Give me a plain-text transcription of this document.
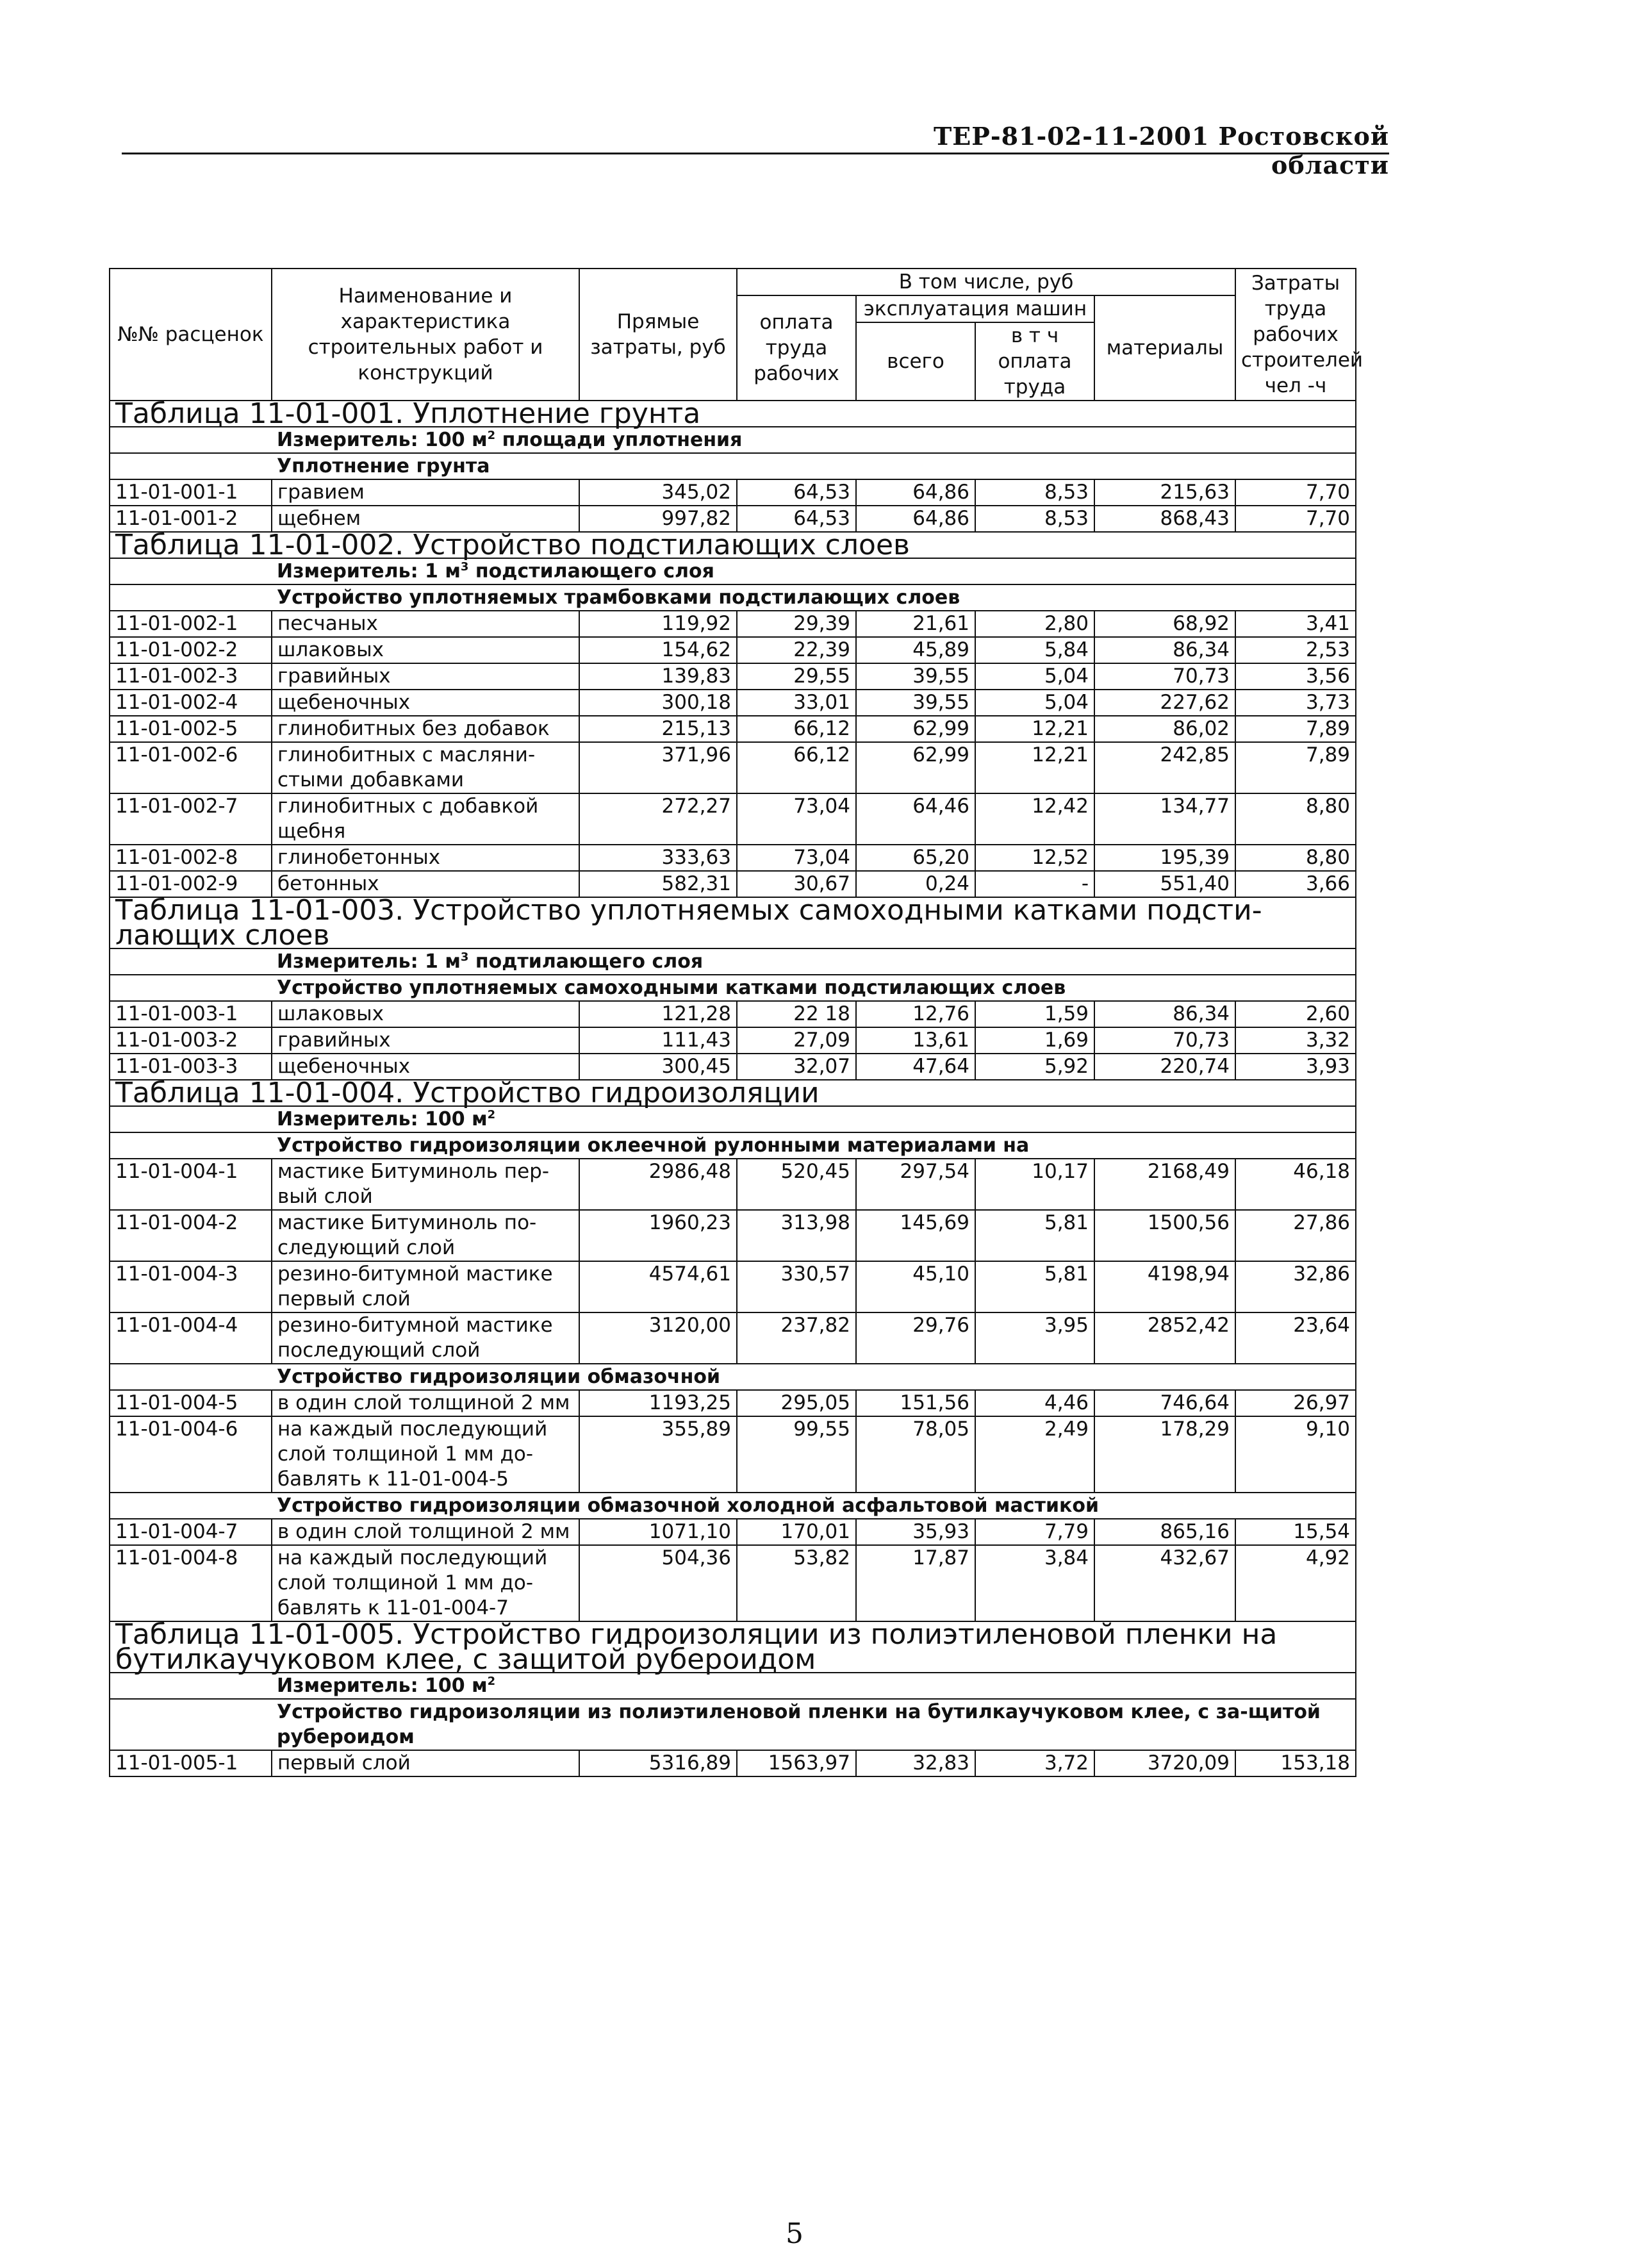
ТЕР-81-02-11-2001 Ростовской области
№№ расценок	Наименование и характеристика строительных работ и конструкций	Прямые затраты, руб	В том числе, руб				Затраты труда рабочих строителей чел -ч
			оплата труда рабочих	эксплуатация машин		материалы	
				всего	в т ч оплата труда		
Таблица 11-01-001. Уплотнение грунта							
	Измеритель: 100 $м^2$ площади уплотнения						
	Уплотнение грунта						
11-01-001-1	гравием	345,02	64,53	64,86	8,53	215,63	7,70
11-01-001-2	щебнем	997,82	64,53	64,86	8,53	868,43	7,70
Таблица 11-01-002. Устройство подстилающих слоев							
	Измеритель: 1 $м^3$ подстилающего слоя						
	Устройство уплотняемых трамбовками подстилающих слоев						
11-01-002-1	песчаных	119,92	29,39	21,61	2,80	68,92	3,41
11-01-002-2	шлаковых	154,62	22,39	45,89	5,84	86,34	2,53
11-01-002-3	гравийных	139,83	29,55	39,55	5,04	70,73	3,56
11-01-002-4	щебеночных	300,18	33,01	39,55	5,04	227,62	3,73
11-01-002-5	глинобитных без добавок	215,13	66,12	62,99	12,21	86,02	7,89
11-01-002-6	глинобитных с масляни-стыми добавками	371,96	66,12	62,99	12,21	242,85	7,89
11-01-002-7	глинобитных с добавкой щебня	272,27	73,04	64,46	12,42	134,77	8,80
11-01-002-8	глинобетонных	333,63	73,04	65,20	12,52	195,39	8,80
11-01-002-9	бетонных	582,31	30,67	0,24	-	551,40	3,66
Таблица 11-01-003. Устройство уплотняемых самоходными катками подсти-лающих слоев							
	Измеритель: 1 $м^3$ подтилающего слоя						
	Устройство уплотняемых самоходными катками подстилающих слоев						
11-01-003-1	шлаковых	121,28	22 18	12,76	1,59	86,34	2,60
11-01-003-2	гравийных	111,43	27,09	13,61	1,69	70,73	3,32
11-01-003-3	щебеночных	300,45	32,07	47,64	5,92	220,74	3,93
Таблица 11-01-004. Устройство гидроизоляции							
	Измеритель: 100 $м^2$
	Устройство гидроизоляции оклеечной рулонными материалами на						
11-01-004-1	мастике Битуминоль пер-вый слой	2986,48	520,45	297,54	10,17	2168,49	46,18
11-01-004-2	мастике Битуминоль по-следующий слой	1960,23	313,98	145,69	5,81	1500,56	27,86
11-01-004-3	резино-битумной мастике первый слой	4574,61	330,57	45,10	5,81	4198,94	32,86
11-01-004-4	резино-битумной мастике последующий слой	3120,00	237,82	29,76	3,95	2852,42	23,64
	Устройство гидроизоляции обмазочной						
11-01-004-5	в один слой толщиной 2 мм	1193,25	295,05	151,56	4,46	746,64	26,97
11-01-004-6	на каждый последующий слой толщиной 1 мм до-бавлять к 11-01-004-5	355,89	99,55	78,05	2,49	178,29	9,10
	Устройство гидроизоляции обмазочной холодной асфальтовой мастикой						
11-01-004-7	в один слой толщиной 2 мм	1071,10	170,01	35,93	7,79	865,16	15,54
11-01-004-8	на каждый последующий слой толщиной 1 мм до-бавлять к 11-01-004-7	504,36	53,82	17,87	3,84	432,67	4,92
Таблица 11-01-005. Устройство гидроизоляции из полиэтиленовой пленки на бутилкаучуковом клее, с защитой рубероидом							
	Измеритель: 100 $м^2$
	Устройство гидроизоляции из полиэтиленовой пленки на бутилкаучуковом клее, с за-щитой рубероидом						
11-01-005-1	первый слой	5316,89	1563,97	32,83	3,72	3720,09	153,18
5
